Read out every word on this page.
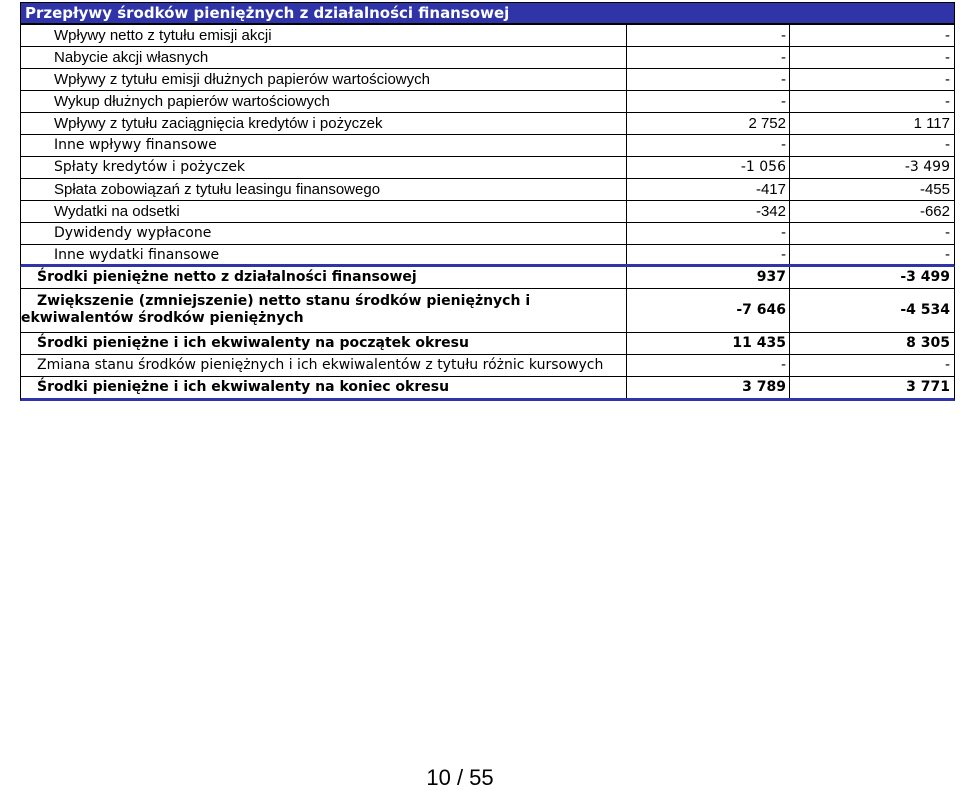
Przepływy środków pieniężnych z działalności finansowej
Wpływy netto z tytułu emisji akcji	-	-
Nabycie akcji własnych	-	-
Wpływy z tytułu emisji dłużnych papierów wartościowych	-	-
Wykup dłużnych papierów wartościowych	-	-
Wpływy z tytułu zaciągnięcia kredytów i pożyczek	2 752	1 117
Inne wpływy finansowe	-	-
Spłaty kredytów i pożyczek	-1 056	-3 499
Spłata zobowiązań z tytułu leasingu finansowego	-417	-455
Wydatki na odsetki	-342	-662
Dywidendy wypłacone	-	-
Inne wydatki finansowe	-	-
Środki pieniężne netto z działalności finansowej	937	-3 499
Zwiększenie (zmniejszenie) netto stanu środków pieniężnych i ekwiwalentów środków pieniężnych	-7 646	-4 534
Środki pieniężne i ich ekwiwalenty na początek okresu	11 435	8 305
Zmiana stanu środków pieniężnych i ich ekwiwalentów z tytułu różnic kursowych	-	-
Środki pieniężne i ich ekwiwalenty na koniec okresu	3 789	3 771
10 / 55
